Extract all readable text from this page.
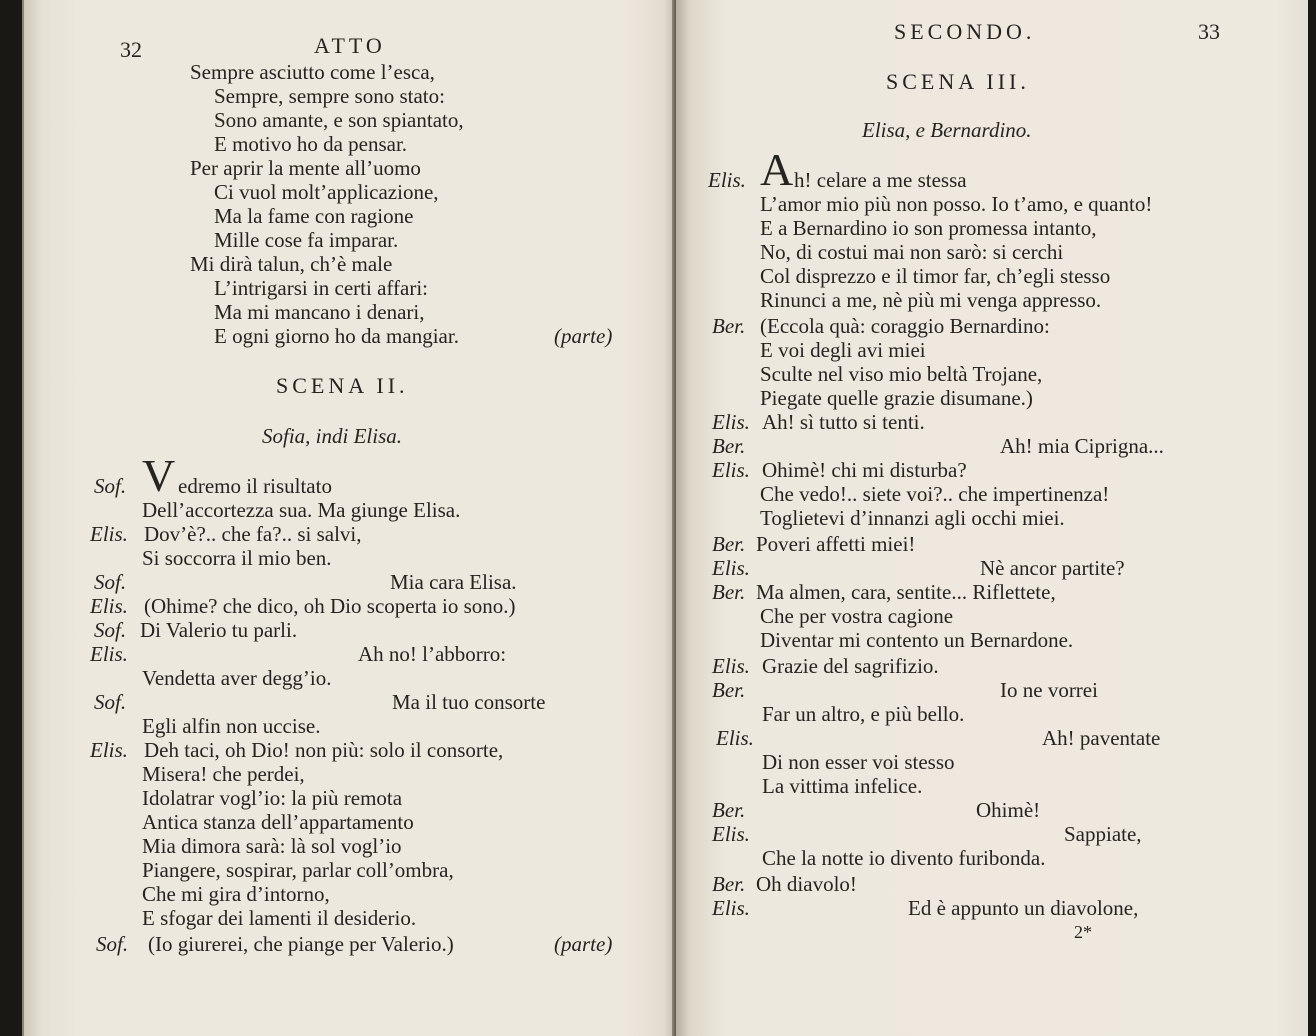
32	ATTO
Sempre asciutto come l’esca,
Sempre, sempre sono stato:
Sono amante, e son spiantato,
E motivo ho da pensar.
Per aprir la mente all’uomo
Ci vuol molt’applicazione,
Ma la fame con ragione
Mille cose fa imparar.
Mi dirà talun, ch’è male
L’intrigarsi in certi affari:
Ma mi mancano i denari,
E ogni giorno ho da mangiar.	(parte)
SCENA II.
Sofia, indi Elisa.
Sof. V edremo il risultato
Dell’accortezza sua. Ma giunge Elisa.
Elis. Dov’è?.. che fa?.. si salvi,
Si soccorra il mio ben.
Sof.	Mia cara Elisa.
Elis. (Ohime? che dico, oh Dio scoperta io sono.)
Sof. Di Valerio tu parli.
Elis.	Ah no! l’abborro:
Vendetta aver degg’io.
Sof.	Ma il tuo consorte
Egli alfin non uccise.
Elis. Deh taci, oh Dio! non più: solo il consorte,
Misera! che perdei,
Idolatrar vogl’io: la più remota
Antica stanza dell’appartamento
Mia dimora sarà: là sol vogl’io
Piangere, sospirar, parlar coll’ombra,
Che mi gira d’intorno,
E sfogar dei lamenti il desiderio.
Sof. (Io giurerei, che piange per Valerio.)	(parte)
SECONDO.	33
SCENA III.
Elisa, e Bernardino.
Elis. A h! celare a me stessa
L’amor mio più non posso. Io t’amo, e quanto!
E a Bernardino io son promessa intanto,
No, di costui mai non sarò: si cerchi
Col disprezzo e il timor far, ch’egli stesso
Rinunci a me, nè più mi venga appresso.
Ber. (Eccola quà: coraggio Bernardino:
E voi degli avi miei
Sculte nel viso mio beltà Trojane,
Piegate quelle grazie disumane.)
Elis. Ah! sì tutto si tenti.
Ber.	Ah! mia Ciprigna...
Elis. Ohimè! chi mi disturba?
Che vedo!.. siete voi?.. che impertinenza!
Toglietevi d’innanzi agli occhi miei.
Ber. Poveri affetti miei!
Elis.	Nè ancor partite?
Ber. Ma almen, cara, sentite... Riflettete,
Che per vostra cagione
Diventar mi contento un Bernardone.
Elis. Grazie del sagrifizio.
Ber.	Io ne vorrei
Far un altro, e più bello.
Elis.	Ah! paventate
Di non esser voi stesso
La vittima infelice.
Ber.	Ohimè!
Elis.	Sappiate,
Che la notte io divento furibonda.
Ber. Oh diavolo!
Elis.	Ed è appunto un diavolone,
2*
